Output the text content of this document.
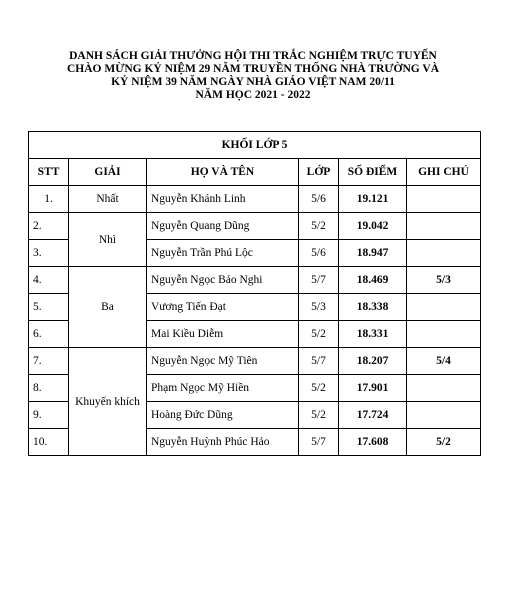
DANH SÁCH GIẢI THƯỞNG HỘI THI TRẮC NGHIỆM TRỰC TUYẾN
CHÀO MỪNG KỶ NIỆM 29 NĂM TRUYỀN THỐNG NHÀ TRƯỜNG VÀ
KỶ NIỆM 39 NĂM NGÀY NHÀ GIÁO VIỆT NAM 20/11
NĂM HỌC 2021 - 2022
KHỐI LỚP 5					
STT	GIẢI	HỌ VÀ TÊN	LỚP	SỐ ĐIỂM	GHI CHÚ
1.	Nhất	Nguyễn Khánh Linh	5/6	19.121	
2.	Nhì	Nguyễn Quang Dũng	5/2	19.042	
3.		Nguyễn Trần Phú Lộc	5/6	18.947	
4.	Ba	Nguyễn Ngọc Bảo Nghi	5/7	18.469	5/3
5.		Vương Tiến Đạt	5/3	18.338	
6.		Mai Kiều Diễm	5/2	18.331	
7.	Khuyến khích	Nguyễn Ngọc Mỹ Tiên	5/7	18.207	5/4
8.		Phạm Ngọc Mỹ Hiền	5/2	17.901	
9.		Hoàng Đức Dũng	5/2	17.724	
10.		Nguyễn Huỳnh Phúc Hảo	5/7	17.608	5/2
